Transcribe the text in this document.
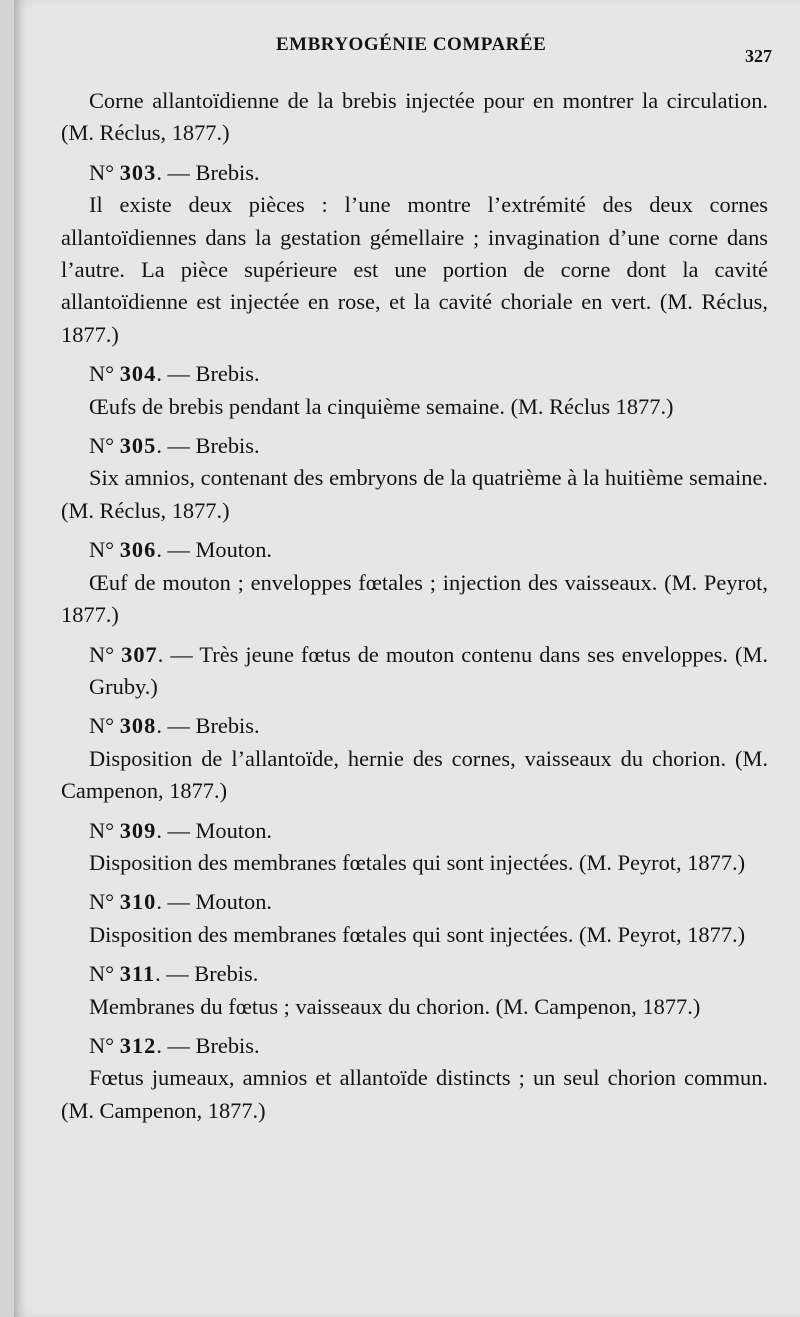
EMBRYOGÉNIE COMPARÉE
327

Corne allantoïdienne de la brebis injectée pour en montrer la circulation. (M. Réclus, 1877.)

N° 303. — Brebis.

Il existe deux pièces : l’une montre l’extrémité des deux cornes allantoïdiennes dans la gestation gémellaire ; invagination d’une corne dans l’autre. La pièce supérieure est une portion de corne dont la cavité allantoïdienne est injectée en rose, et la cavité choriale en vert. (M. Réclus, 1877.)

N° 304. — Brebis.

Œufs de brebis pendant la cinquième semaine. (M. Réclus 1877.)

N° 305. — Brebis.

Six amnios, contenant des embryons de la quatrième à la huitième semaine. (M. Réclus, 1877.)

N° 306. — Mouton.

Œuf de mouton ; enveloppes fœtales ; injection des vaisseaux. (M. Peyrot, 1877.)

N° 307. — Très jeune fœtus de mouton contenu dans ses enveloppes. (M. Gruby.)

N° 308. — Brebis.

Disposition de l’allantoïde, hernie des cornes, vaisseaux du chorion. (M. Campenon, 1877.)

N° 309. — Mouton.

Disposition des membranes fœtales qui sont injectées. (M. Peyrot, 1877.)

N° 310. — Mouton.

Disposition des membranes fœtales qui sont injectées. (M. Peyrot, 1877.)

N° 311. — Brebis.

Membranes du fœtus ; vaisseaux du chorion. (M. Campenon, 1877.)

N° 312. — Brebis.

Fœtus jumeaux, amnios et allantoïde distincts ; un seul chorion commun. (M. Campenon, 1877.)
